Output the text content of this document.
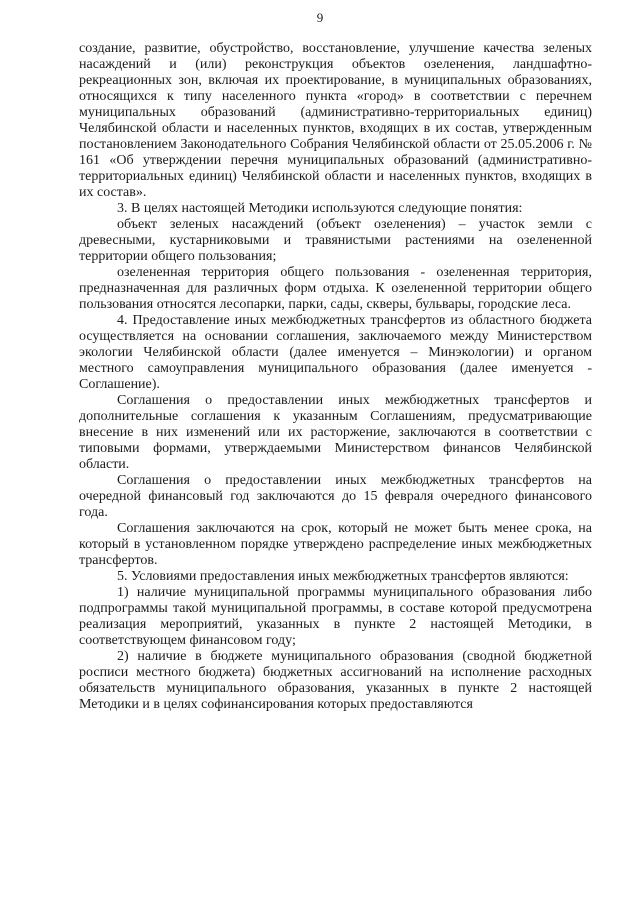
9

создание, развитие, обустройство, восстановление, улучшение качества зеленых насаждений и (или) реконструкция объектов озеленения, ландшафтно-рекреационных зон, включая их проектирование, в муниципальных образованиях, относящихся к типу населенного пункта «город» в соответствии с перечнем муниципальных образований (административно-территориальных единиц) Челябинской области и населенных пунктов, входящих в их состав, утвержденным постановлением Законодательного Собрания Челябинской области от 25.05.2006 г. № 161 «Об утверждении перечня муниципальных образований (административно-территориальных единиц) Челябинской области и населенных пунктов, входящих в их состав».

3. В целях настоящей Методики используются следующие понятия:

объект зеленых насаждений (объект озеленения) – участок земли с древесными, кустарниковыми и травянистыми растениями на озелененной территории общего пользования;

озелененная территория общего пользования - озелененная территория, предназначенная для различных форм отдыха. К озелененной территории общего пользования относятся лесопарки, парки, сады, скверы, бульвары, городские леса.

4. Предоставление иных межбюджетных трансфертов из областного бюджета осуществляется на основании соглашения, заключаемого между Министерством экологии Челябинской области (далее именуется – Минэкологии) и органом местного самоуправления муниципального образования (далее именуется - Соглашение).

Соглашения о предоставлении иных межбюджетных трансфертов и дополнительные соглашения к указанным Соглашениям, предусматривающие внесение в них изменений или их расторжение, заключаются в соответствии с типовыми формами, утверждаемыми Министерством финансов Челябинской области.

Соглашения о предоставлении иных межбюджетных трансфертов на очередной финансовый год заключаются до 15 февраля очередного финансового года.

Соглашения заключаются на срок, который не может быть менее срока, на который в установленном порядке утверждено распределение иных межбюджетных трансфертов.

5. Условиями предоставления иных межбюджетных трансфертов являются:

1) наличие муниципальной программы муниципального образования либо подпрограммы такой муниципальной программы, в составе которой предусмотрена реализация мероприятий, указанных в пункте 2 настоящей Методики, в соответствующем финансовом году;

2) наличие в бюджете муниципального образования (сводной бюджетной росписи местного бюджета) бюджетных ассигнований на исполнение расходных обязательств муниципального образования, указанных в пункте 2 настоящей Методики и в целях софинансирования которых предоставляются
